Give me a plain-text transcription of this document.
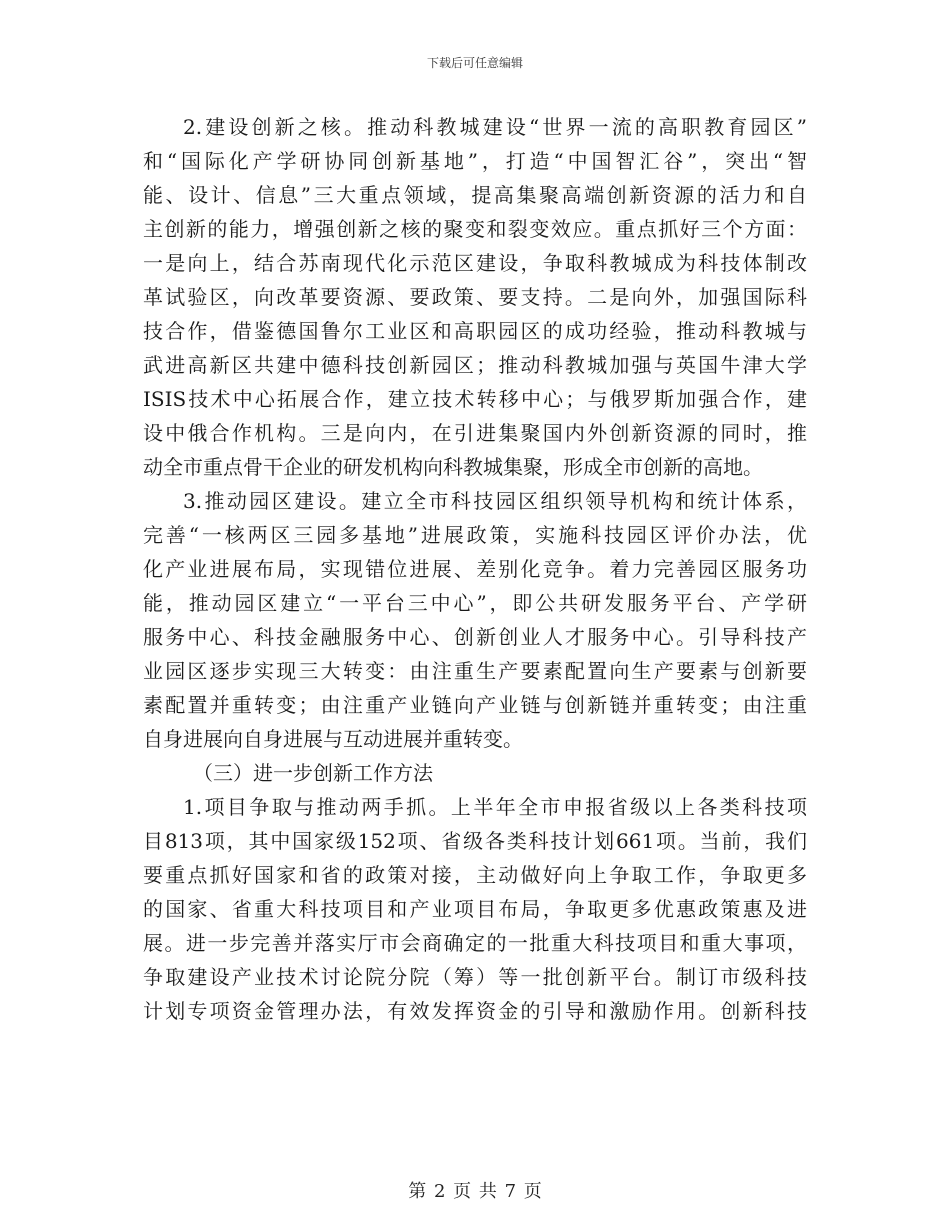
下载后可任意编辑
2.建设创新之核。推动科教城建设“世界一流的高职教育园区”
和“国际化产学研协同创新基地”，打造“中国智汇谷”，突出“智
能、设计、信息”三大重点领域，提高集聚高端创新资源的活力和自
主创新的能力，增强创新之核的聚变和裂变效应。重点抓好三个方面：
一是向上，结合苏南现代化示范区建设，争取科教城成为科技体制改
革试验区，向改革要资源、要政策、要支持。二是向外，加强国际科
技合作，借鉴德国鲁尔工业区和高职园区的成功经验，推动科教城与
武进高新区共建中德科技创新园区；推动科教城加强与英国牛津大学
ISIS技术中心拓展合作，建立技术转移中心；与俄罗斯加强合作，建
设中俄合作机构。三是向内，在引进集聚国内外创新资源的同时，推
动全市重点骨干企业的研发机构向科教城集聚，形成全市创新的高地。
3.推动园区建设。建立全市科技园区组织领导机构和统计体系，
完善“一核两区三园多基地”进展政策，实施科技园区评价办法，优
化产业进展布局，实现错位进展、差别化竞争。着力完善园区服务功
能，推动园区建立“一平台三中心”，即公共研发服务平台、产学研
服务中心、科技金融服务中心、创新创业人才服务中心。引导科技产
业园区逐步实现三大转变：由注重生产要素配置向生产要素与创新要
素配置并重转变；由注重产业链向产业链与创新链并重转变；由注重
自身进展向自身进展与互动进展并重转变。
（三）进一步创新工作方法
1.项目争取与推动两手抓。上半年全市申报省级以上各类科技项
目813项，其中国家级152项、省级各类科技计划661项。当前，我们
要重点抓好国家和省的政策对接，主动做好向上争取工作，争取更多
的国家、省重大科技项目和产业项目布局，争取更多优惠政策惠及进
展。进一步完善并落实厅市会商确定的一批重大科技项目和重大事项，
争取建设产业技术讨论院分院（筹）等一批创新平台。制订市级科技
计划专项资金管理办法，有效发挥资金的引导和激励作用。创新科技
第 2 页 共 7 页
